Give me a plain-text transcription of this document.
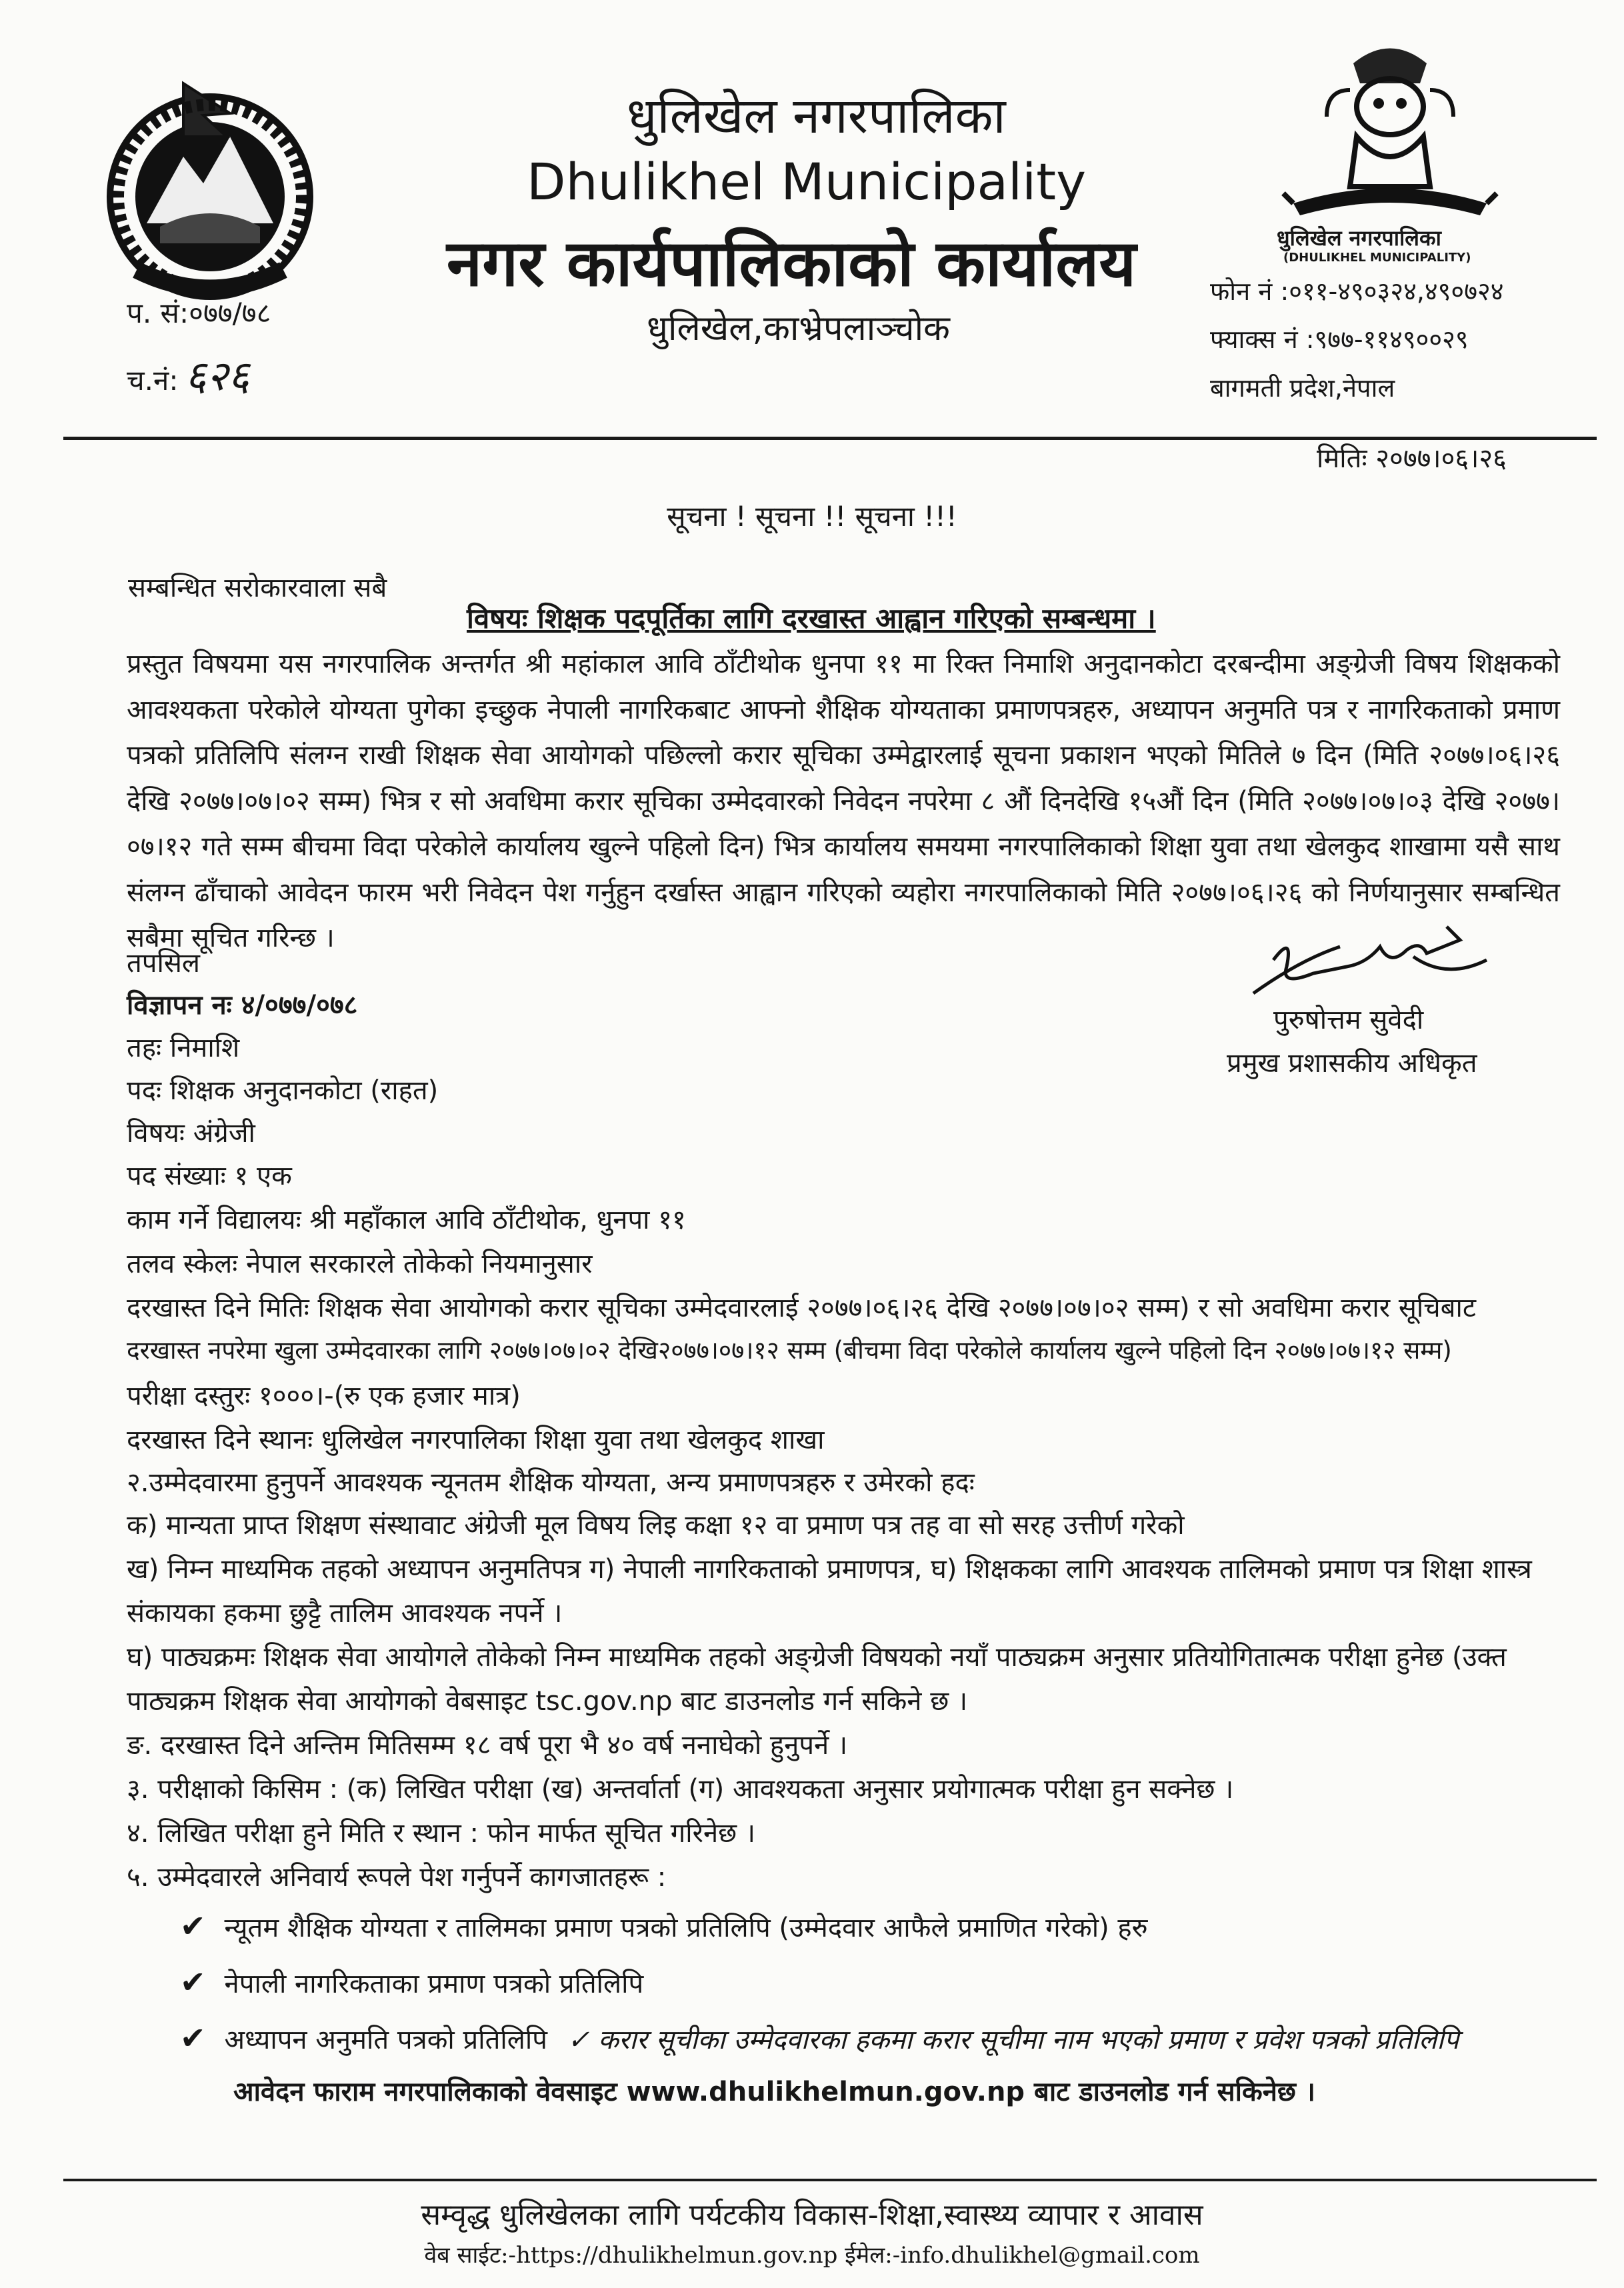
धुलिखेल नगरपालिका
(DHULIKHEL MUNICIPALITY)
धुलिखेल नगरपालिका
Dhulikhel Municipality
नगर कार्यपालिकाको कार्यालय
धुलिखेल,काभ्रेपलाञ्चोक
प. सं:०७७/७८
च.नं: ६२६
फोन नं :०११-४९०३२४,४९०७२४
फ्याक्स नं :९७७-११४९००२९
बागमती प्रदेश,नेपाल
मितिः २०७७।०६।२६
सूचना ! सूचना !! सूचना !!!
सम्बन्धित सरोकारवाला सबै
विषयः शिक्षक पदपूर्तिका लागि दरखास्त आह्वान गरिएको सम्बन्धमा ।
प्रस्तुत विषयमा यस नगरपालिक अन्तर्गत श्री महांकाल आवि ठाँटीथोक धुनपा ११ मा रिक्त निमाशि अनुदानकोटा दरबन्दीमा अङ्ग्रेजी विषय शिक्षकको आवश्यकता परेकोले योग्यता पुगेका इच्छुक नेपाली नागरिकबाट आफ्नो शैक्षिक योग्यताका प्रमाणपत्रहरु, अध्यापन अनुमति पत्र र नागरिकताको प्रमाण पत्रको प्रतिलिपि संलग्न राखी शिक्षक सेवा आयोगको पछिल्लो करार सूचिका उम्मेद्वारलाई सूचना प्रकाशन भएको मितिले ७ दिन (मिति २०७७।०६।२६ देखि २०७७।०७।०२ सम्म) भित्र र सो अवधिमा करार सूचिका उम्मेदवारको निवेदन नपरेमा ८ औं दिनदेखि १५औं दिन (मिति २०७७।०७।०३ देखि २०७७।०७।१२ गते सम्म बीचमा विदा परेकोले कार्यालय खुल्ने पहिलो दिन) भित्र कार्यालय समयमा नगरपालिकाको शिक्षा युवा तथा खेलकुद शाखामा यसै साथ संलग्न ढाँचाको आवेदन फारम भरी निवेदन पेश गर्नुहुन दर्खास्त आह्वान गरिएको व्यहोरा नगरपालिकाको मिति २०७७।०६।२६ को निर्णयानुसार सम्बन्धित सबैमा सूचित गरिन्छ ।
पुरुषोत्तम सुवेदी
प्रमुख प्रशासकीय अधिकृत
तपसिल
विज्ञापन नः ४/०७७/०७८
तहः निमाशि
पदः शिक्षक अनुदानकोटा (राहत)
विषयः अंग्रेजी
पद संख्याः १ एक
काम गर्ने विद्यालयः श्री महाँकाल आवि ठाँटीथोक, धुनपा ११
तलव स्केलः नेपाल सरकारले तोकेको नियमानुसार
दरखास्त दिने मितिः शिक्षक सेवा आयोगको करार सूचिका उम्मेदवारलाई २०७७।०६।२६ देखि २०७७।०७।०२ सम्म) र सो अवधिमा करार सूचिबाट
दरखास्त नपरेमा खुला उम्मेदवारका लागि २०७७।०७।०२ देखि२०७७।०७।१२ सम्म (बीचमा विदा परेकोले कार्यालय खुल्ने पहिलो दिन २०७७।०७।१२ सम्म)
परीक्षा दस्तुरः १०००।-(रु एक हजार मात्र)
दरखास्त दिने स्थानः धुलिखेल नगरपालिका शिक्षा युवा तथा खेलकुद शाखा
२.उम्मेदवारमा हुनुपर्ने आवश्यक न्यूनतम शैक्षिक योग्यता, अन्य प्रमाणपत्रहरु र उमेरको हदः
क) मान्यता प्राप्त शिक्षण संस्थावाट अंग्रेजी मूल विषय लिइ कक्षा १२ वा प्रमाण पत्र तह वा सो सरह उत्तीर्ण गरेको
ख) निम्न माध्यमिक तहको अध्यापन अनुमतिपत्र ग) नेपाली नागरिकताको प्रमाणपत्र, घ) शिक्षकका लागि आवश्यक तालिमको प्रमाण पत्र शिक्षा शास्त्र
संकायका हकमा छुट्टै तालिम आवश्यक नपर्ने ।
घ) पाठ्यक्रमः शिक्षक सेवा आयोगले तोकेको निम्न माध्यमिक तहको अङ्ग्रेजी विषयको नयाँ पाठ्यक्रम अनुसार प्रतियोगितात्मक परीक्षा हुनेछ (उक्त
पाठ्यक्रम शिक्षक सेवा आयोगको वेबसाइट tsc.gov.np बाट डाउनलोड गर्न सकिने छ ।
ङ. दरखास्त दिने अन्तिम मितिसम्म १८ वर्ष पूरा भै ४० वर्ष ननाघेको हुनुपर्ने ।
३. परीक्षाको किसिम : (क) लिखित परीक्षा (ख) अन्तर्वार्ता (ग) आवश्यकता अनुसार प्रयोगात्मक परीक्षा हुन सक्नेछ ।
४. लिखित परीक्षा हुने मिति र स्थान : फोन मार्फत सूचित गरिनेछ ।
५. उम्मेदवारले अनिवार्य रूपले पेश गर्नुपर्ने कागजातहरू :
✔ न्यूतम शैक्षिक योग्यता र तालिमका प्रमाण पत्रको प्रतिलिपि (उम्मेदवार आफैले प्रमाणित गरेको) हरु
✔ नेपाली नागरिकताका प्रमाण पत्रको प्रतिलिपि
✔ अध्यापन अनुमति पत्रको प्रतिलिपि ✓ करार सूचीका उम्मेदवारका हकमा करार सूचीमा नाम भएको प्रमाण र प्रवेश पत्रको प्रतिलिपि
आवेदन फाराम नगरपालिकाको वेवसाइट www.dhulikhelmun.gov.np बाट डाउनलोड गर्न सकिनेछ ।
सम्वृद्ध धुलिखेलका लागि पर्यटकीय विकास-शिक्षा,स्वास्थ्य व्यापार र आवास
वेब साईट:-https://dhulikhelmun.gov.np ईमेल:-info.dhulikhel@gmail.com
